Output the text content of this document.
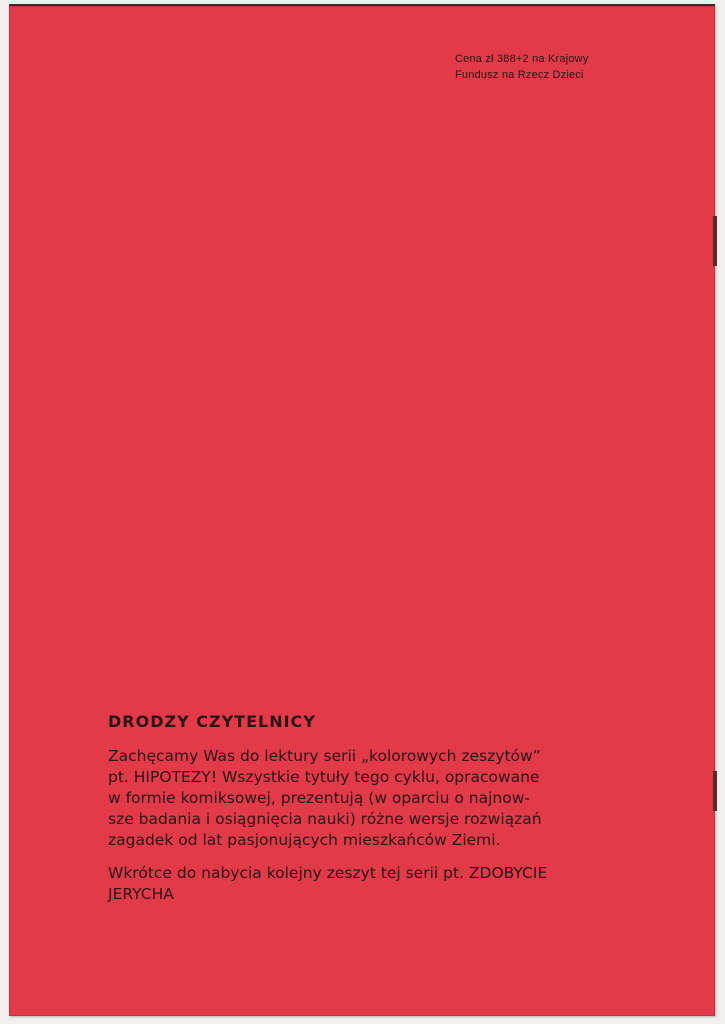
Cena zł 388+2 na Krajowy
Fundusz na Rzecz Dzieci
DRODZY CZYTELNICY
Zachęcamy Was do lektury serii „kolorowych zeszytów”
pt. HIPOTEZY! Wszystkie tytuły tego cyklu, opracowane
w formie komiksowej, prezentują (w oparciu o najnow-
sze badania i osiągnięcia nauki) różne wersje rozwiązań
zagadek od lat pasjonujących mieszkańców Ziemi.
Wkrótce do nabycia kolejny zeszyt tej serii pt. ZDOBYCIE
JERYCHA
